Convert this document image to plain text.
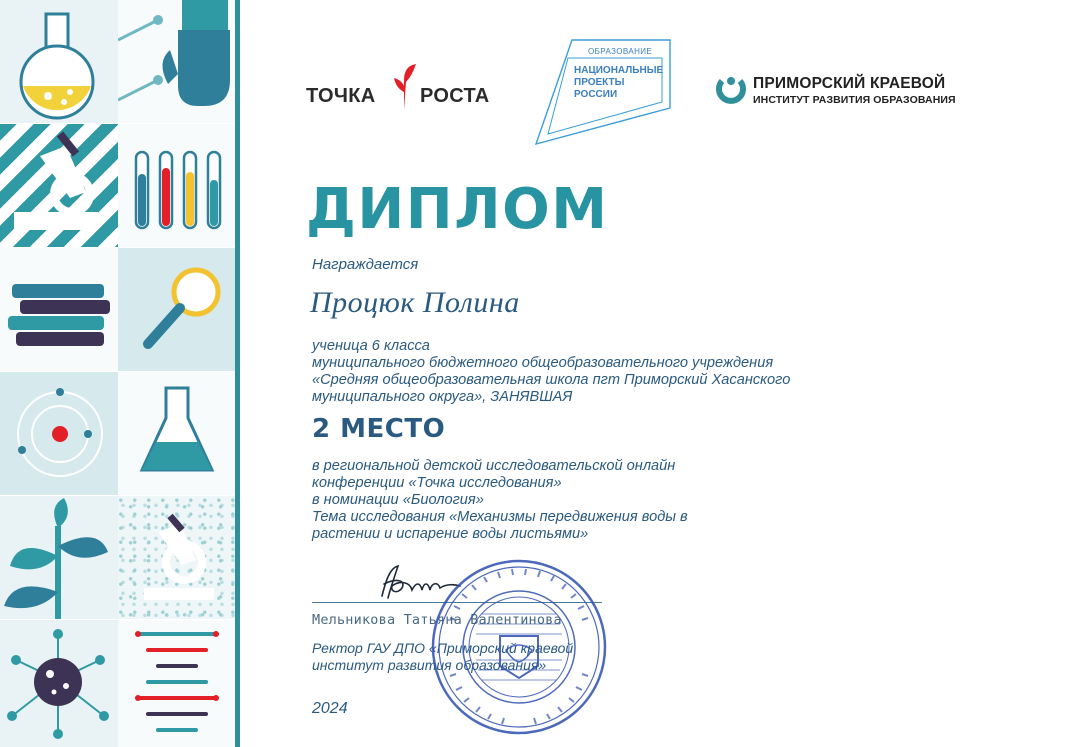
ТОЧКА РОСТА
ОБРАЗОВАНИЕ
НАЦИОНАЛЬНЫЕ
ПРОЕКТЫ
РОССИИ
ПРИМОРСКИЙ КРАЕВОЙ
ИНСТИТУТ РАЗВИТИЯ ОБРАЗОВАНИЯ
ДИПЛОМ
Награждается
Процюк Полина
ученица 6 класса
муниципального бюджетного общеобразовательного учреждения
«Средняя общеобразовательная школа пгт Приморский Хасанского
муниципального округа», ЗАНЯВШАЯ
2 МЕСТО
в региональной детской исследовательской онлайн
конференции «Точка исследования»
в номинации «Биология»
Тема исследования «Механизмы передвижения воды в
растении и испарение воды листьями»
Мельникова Татьяна Валентинова
Ректор ГАУ ДПО «Приморский краевой
институт развития образования»
2024
